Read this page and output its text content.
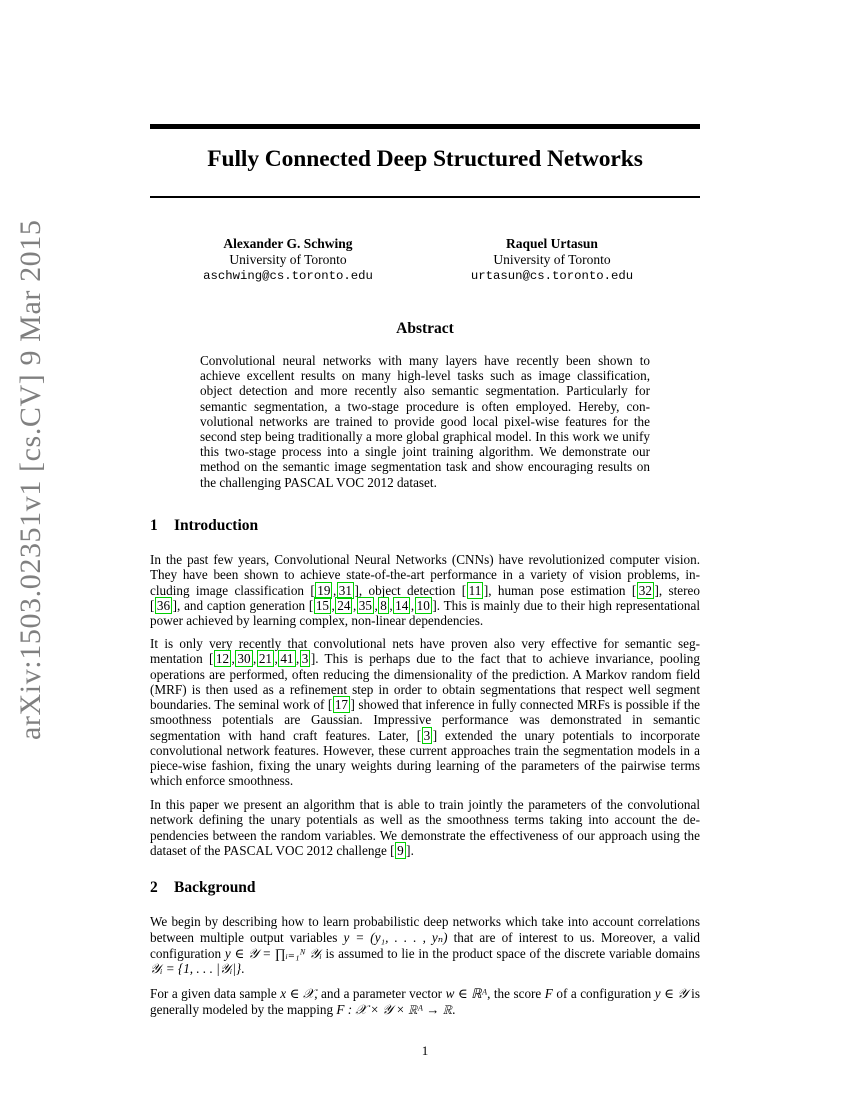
Fully Connected Deep Structured Networks
Alexander G. Schwing
University of Toronto
aschwing@cs.toronto.edu
Raquel Urtasun
University of Toronto
urtasun@cs.toronto.edu
arXiv:1503.02351v1 [cs.CV] 9 Mar 2015	Abstract
Convolutional neural networks with many layers have recently been shown to achieve excellent results on many high-level tasks such as image classification, object detection and more recently also semantic segmentation. Particularly for semantic segmentation, a two-stage procedure is often employed. Hereby, convolutional networks are trained to provide good local pixel-wise features for the second step being traditionally a more global graphical model. In this work we unify this two-stage process into a single joint training algorithm. We demonstrate our method on the semantic image segmentation task and show encouraging results on the challenging PASCAL VOC 2012 dataset.
1 Introduction
In the past few years, Convolutional Neural Networks (CNNs) have revolutionized computer vision. They have been shown to achieve state-of-the-art performance in a variety of vision problems, including image classification [ 19 , 31 ], object detection [ 11 ], human pose estimation [ 32 ], stereo [ 36 ], and caption generation [ 15 , 24 , 35 , 8 , 14 , 10 ]. This is mainly due to their high representational power achieved by learning complex, non-linear dependencies.
It is only very recently that convolutional nets have proven also very effective for semantic segmentation [ 12 , 30 , 21 , 41 , 3 ]. This is perhaps due to the fact that to achieve invariance, pooling operations are performed, often reducing the dimensionality of the prediction. A Markov random field (MRF) is then used as a refinement step in order to obtain segmentations that respect well segment boundaries. The seminal work of [ 17 ] showed that inference in fully connected MRFs is possible if the smoothness potentials are Gaussian. Impressive performance was demonstrated in semantic segmentation with hand craft features. Later, [ 3 ] extended the unary potentials to incorporate convolutional network features. However, these current approaches train the segmentation models in a piece-wise fashion, fixing the unary weights during learning of the parameters of the pairwise terms which enforce smoothness.
In this paper we present an algorithm that is able to train jointly the parameters of the convolutional network defining the unary potentials as well as the smoothness terms taking into account the dependencies between the random variables. We demonstrate the effectiveness of our approach using the dataset of the PASCAL VOC 2012 challenge [ 9 ].
2 Background
We begin by describing how to learn probabilistic deep networks which take into account correlations between multiple output variables y = (y₁, . . . , yₙ) that are of interest to us. Moreover, a valid configuration y ∈ 𝒴 = ∏ᵢ₌₁ᴺ 𝒴ᵢ is assumed to lie in the product space of the discrete variable domains 𝒴ᵢ = {1, . . . |𝒴ᵢ|}.
For a given data sample x ∈ 𝒳, and a parameter vector w ∈ ℝᴬ, the score F of a configuration y ∈ 𝒴 is generally modeled by the mapping F : 𝒳 × 𝒴 × ℝᴬ → ℝ.
1
